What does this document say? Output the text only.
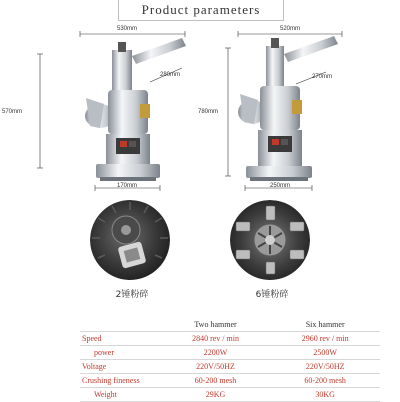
Product parameters
530mm
280mm
570mm
170mm
520mm
270mm
780mm
250mm
2锤粉碎	6锤粉碎
	Two hammer	Six hammer
Speed	2840 rev / min	2960 rev / min
power	2200W	2500W
Voltage	220V/50HZ	220V/50HZ
Crushing fineness	60-200 mesh	60-200 mesh
Weight	29KG	30KG
